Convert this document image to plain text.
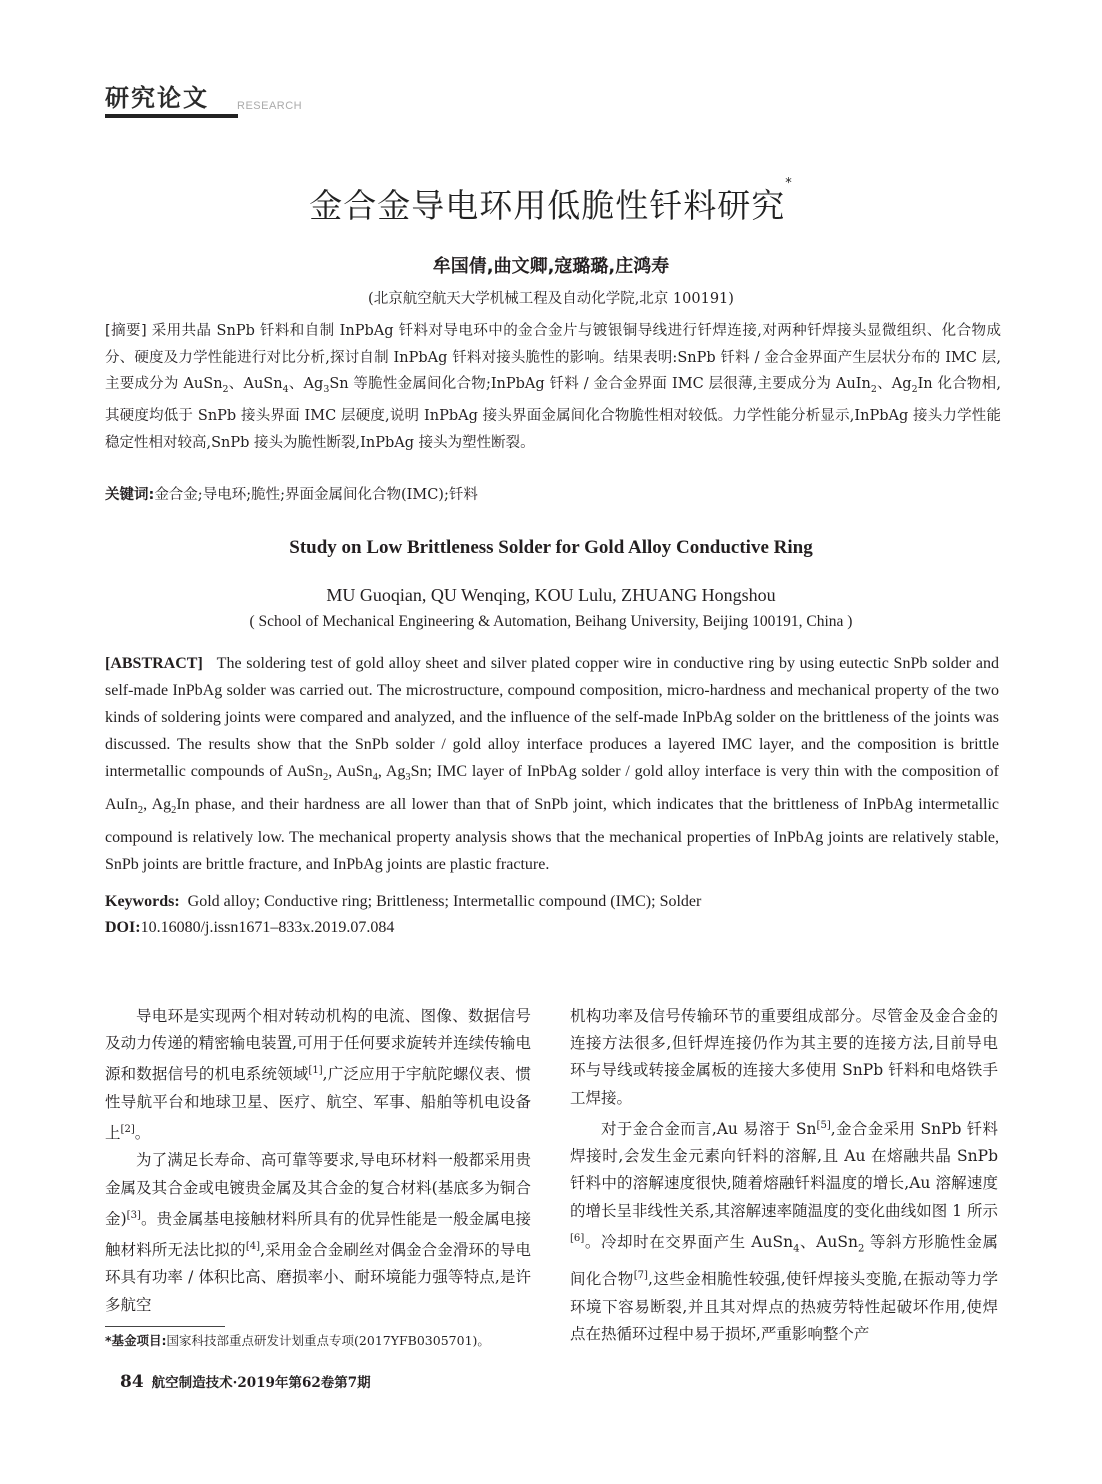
研究论文	RESEARCH
金合金导电环用低脆性钎料研究*
牟国倩,曲文卿,寇璐璐,庄鸿寿
(北京航空航天大学机械工程及自动化学院,北京 100191)
[摘要] 采用共晶 SnPb 钎料和自制 InPbAg 钎料对导电环中的金合金片与镀银铜导线进行钎焊连接,对两种钎焊接头显微组织、化合物成分、硬度及力学性能进行对比分析,探讨自制 InPbAg 钎料对接头脆性的影响。结果表明:SnPb 钎料 / 金合金界面产生层状分布的 IMC 层,主要成分为 AuSn$_2$、AuSn$_4$、$Ag_3Sn$ 等脆性金属间化合物;InPbAg 钎料 / 金合金界面 IMC 层很薄,主要成分为 AuIn$_2$、$Ag_2In$ 化合物相,其硬度均低于 SnPb 接头界面 IMC 层硬度,说明 InPbAg 接头界面金属间化合物脆性相对较低。力学性能分析显示,InPbAg 接头力学性能稳定性相对较高,SnPb 接头为脆性断裂,InPbAg 接头为塑性断裂。
关键词:金合金;导电环;脆性;界面金属间化合物(IMC);钎料
Study on Low Brittleness Solder for Gold Alloy Conductive Ring
MU Guoqian, QU Wenqing, KOU Lulu, ZHUANG Hongshou
( School of Mechanical Engineering & Automation, Beihang University, Beijing 100191, China )
[ABSTRACT]   The soldering test of gold alloy sheet and silver plated copper wire in conductive ring by using eutectic SnPb solder and self-made InPbAg solder was carried out. The microstructure, compound composition, micro-hardness and mechanical property of the two kinds of soldering joints were compared and analyzed, and the influence of the self-made InPbAg solder on the brittleness of the joints was discussed. The results show that the SnPb solder / gold alloy interface produces a layered IMC layer, and the composition is brittle intermetallic compounds of AuSn$_2$, AuSn$_4$, $Ag_3Sn$; IMC layer of InPbAg solder / gold alloy interface is very thin with the composition of AuIn$_2$, $Ag_2In$ phase, and their hardness are all lower than that of SnPb joint, which indicates that the brittleness of InPbAg intermetallic compound is relatively low. The mechanical property analysis shows that the mechanical properties of InPbAg joints are relatively stable, SnPb joints are brittle fracture, and InPbAg joints are plastic fracture.
Keywords:  Gold alloy; Conductive ring; Brittleness; Intermetallic compound (IMC); Solder
DOI:10.16080/j.issn1671–833x.2019.07.084

导电环是实现两个相对转动机构的电流、图像、数据信号及动力传递的精密输电装置,可用于任何要求旋转并连续传输电源和数据信号的机电系统领域[1],广泛应用于宇航陀螺仪表、惯性导航平台和地球卫星、医疗、航空、军事、船舶等机电设备上[2]。

为了满足长寿命、高可靠等要求,导电环材料一般都采用贵金属及其合金或电镀贵金属及其合金的复合材料(基底多为铜合金)[3]。贵金属基电接触材料所具有的优异性能是一般金属电接触材料所无法比拟的[4],采用金合金刷丝对偶金合金滑环的导电环具有功率 / 体积比高、磨损率小、耐环境能力强等特点,是许多航空

机构功率及信号传输环节的重要组成部分。尽管金及金合金的连接方法很多,但钎焊连接仍作为其主要的连接方法,目前导电环与导线或转接金属板的连接大多使用 SnPb 钎料和电烙铁手工焊接。

对于金合金而言,Au 易溶于 Sn[5],金合金采用 SnPb 钎料焊接时,会发生金元素向钎料的溶解,且 Au 在熔融共晶 SnPb 钎料中的溶解速度很快,随着熔融钎料温度的增长,Au 溶解速度的增长呈非线性关系,其溶解速率随温度的变化曲线如图 1 所示[6]。冷却时在交界面产生 AuSn$_4$、AuSn$_2$ 等斜方形脆性金属间化合物[7],这些金相脆性较强,使钎焊接头变脆,在振动等力学环境下容易断裂,并且其对焊点的热疲劳特性起破坏作用,使焊点在热循环过程中易于损坏,严重影响整个产

*基金项目:国家科技部重点研发计划重点专项(2017YFB0305701)。
84 航空制造技术·2019年第62卷第7期
